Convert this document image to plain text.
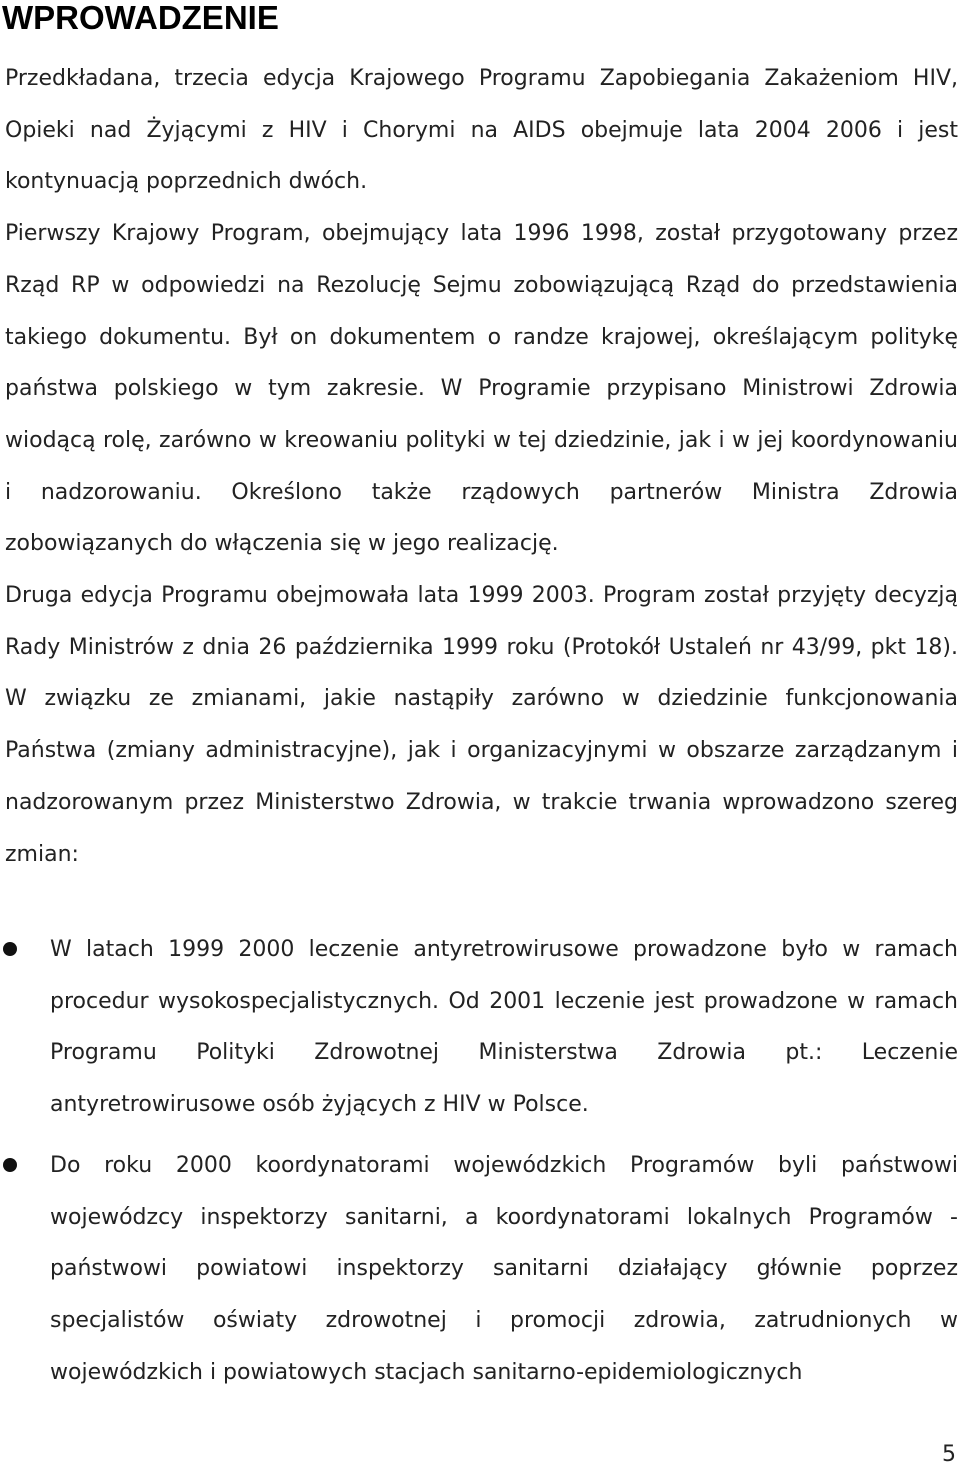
WPROWADZENIE

Przedkładana, trzecia edycja Krajowego Programu Zapobiegania Zakażeniom HIV, Opieki nad Żyjącymi z HIV i Chorymi na AIDS obejmuje lata 2004 2006 i jest kontynuacją poprzednich dwóch.

Pierwszy Krajowy Program, obejmujący lata 1996 1998, został przygotowany przez Rząd RP w odpowiedzi na Rezolucję Sejmu zobowiązującą Rząd do przedstawienia takiego dokumentu. Był on dokumentem o randze krajowej, określającym politykę państwa polskiego w tym zakresie. W Programie przypisano Ministrowi Zdrowia wiodącą rolę, zarówno w kreowaniu polityki w tej dziedzinie, jak i w jej koordynowaniu i nadzorowaniu. Określono także rządowych partnerów Ministra Zdrowia zobowiązanych do włączenia się w jego realizację.

Druga edycja Programu obejmowała lata 1999 2003. Program został przyjęty decyzją Rady Ministrów z dnia 26 października 1999 roku (Protokół Ustaleń nr 43/99, pkt 18). W związku ze zmianami, jakie nastąpiły zarówno w dziedzinie funkcjonowania Państwa (zmiany administracyjne), jak i organizacyjnymi w obszarze zarządzanym i nadzorowanym przez Ministerstwo Zdrowia, w trakcie trwania wprowadzono szereg zmian:

W latach 1999 2000 leczenie antyretrowirusowe prowadzone było w ramach procedur wysokospecjalistycznych. Od 2001 leczenie jest prowadzone w ramach Programu Polityki Zdrowotnej Ministerstwa Zdrowia pt.: Leczenie antyretrowirusowe osób żyjących z HIV w Polsce.
Do roku 2000 koordynatorami wojewódzkich Programów byli państwowi wojewódzcy inspektorzy sanitarni, a koordynatorami lokalnych Programów - państwowi powiatowi inspektorzy sanitarni działający głównie poprzez specjalistów oświaty zdrowotnej i promocji zdrowia, zatrudnionych w wojewódzkich i powiatowych stacjach sanitarno-epidemiologicznych
5
